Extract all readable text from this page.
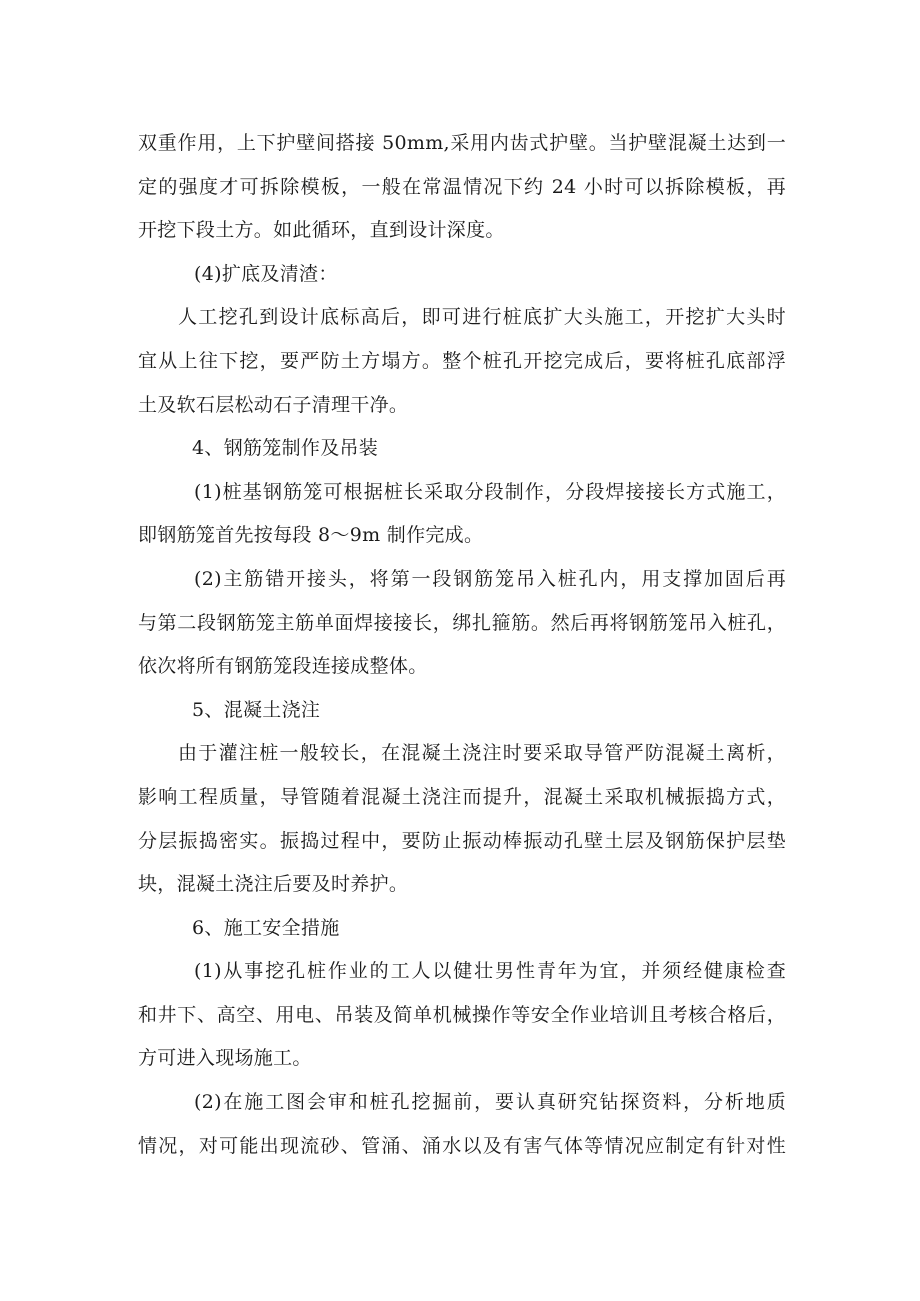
双重作用，上下护壁间搭接 50mm,采用内齿式护壁。当护壁混凝土达到一
定的强度才可拆除模板，一般在常温情况下约 24 小时可以拆除模板，再
开挖下段土方。如此循环，直到设计深度。
(4)扩底及清渣：
人工挖孔到设计底标高后，即可进行桩底扩大头施工，开挖扩大头时
宜从上往下挖，要严防土方塌方。整个桩孔开挖完成后，要将桩孔底部浮
土及软石层松动石子清理干净。
4、钢筋笼制作及吊装
(1)桩基钢筋笼可根据桩长采取分段制作，分段焊接接长方式施工，
即钢筋笼首先按每段 8～9m 制作完成。
(2)主筋错开接头，将第一段钢筋笼吊入桩孔内，用支撑加固后再
与第二段钢筋笼主筋单面焊接接长，绑扎箍筋。然后再将钢筋笼吊入桩孔，
依次将所有钢筋笼段连接成整体。
5、混凝土浇注
由于灌注桩一般较长，在混凝土浇注时要采取导管严防混凝土离析，
影响工程质量，导管随着混凝土浇注而提升，混凝土采取机械振捣方式，
分层振捣密实。振捣过程中，要防止振动棒振动孔壁土层及钢筋保护层垫
块，混凝土浇注后要及时养护。
6、施工安全措施
(1)从事挖孔桩作业的工人以健壮男性青年为宜，并须经健康检查
和井下、高空、用电、吊装及简单机械操作等安全作业培训且考核合格后，
方可进入现场施工。
(2)在施工图会审和桩孔挖掘前，要认真研究钻探资料，分析地质
情况，对可能出现流砂、管涌、涌水以及有害气体等情况应制定有针对性
